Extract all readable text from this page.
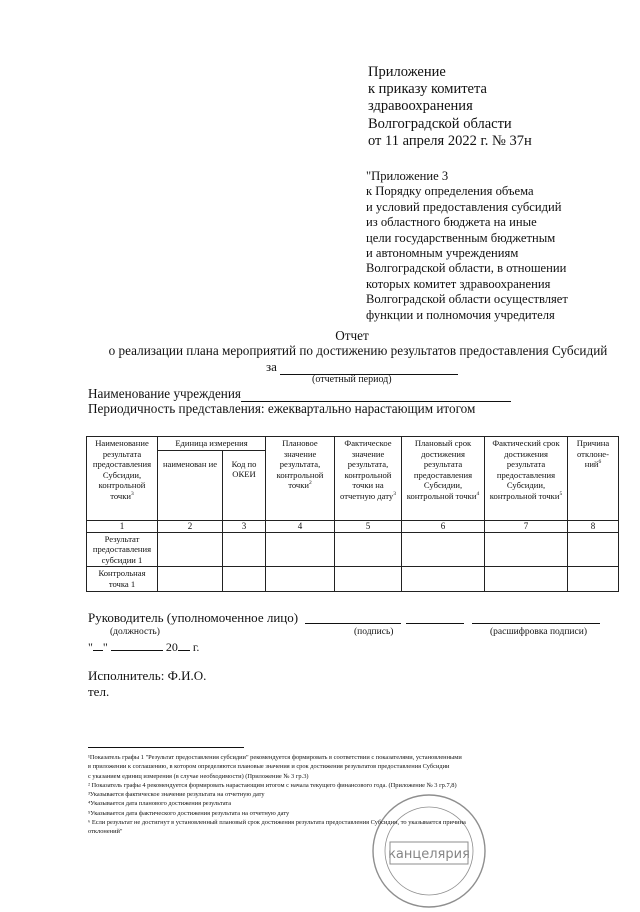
Приложение
к приказу комитета
здравоохранения
Волгоградской области
от 11 апреля 2022 г. № 37н
"Приложение 3
к Порядку определения объема
и условий предоставления субсидий
из областного бюджета на иные
цели государственным бюджетным
и автономным учреждениям
Волгоградской области, в отношении
которых комитет здравоохранения
Волгоградской области осуществляет
функции и полномочия учредителя
Отчет
о реализации плана мероприятий по достижению результатов предоставления Субсидий
за
(отчетный период)
Наименование учреждения
Периодичность представления: ежеквартально нарастающим итогом
Наименование результата предоставления Субсидии, контрольной точки$^3$	Единица измерения		Плановое значение результата, контрольной точки$^2$	Фактическое значение результата, контрольной точки на отчетную дату$^3$	Плановый срок достижения результата предоставления Субсидии, контрольной точки$^4$	Фактический срок достижения результата предоставления Субсидии, контрольной точки$^5$	Причина отклоне- ний$^6$
	наименован ие	Код по ОКЕИ					
1	2	3	4	5	6	7	8
Результат предоставления субсидии 1							
Контрольная точка 1							
Руководитель (уполномоченное лицо)
(должность)	(подпись)	(расшифровка подписи)
" "	20 г.
Исполнитель: Ф.И.О.
тел.
¹Показатель графы 1 "Результат предоставления субсидии" рекомендуется формировать в соответствии с показателями, установленными
в приложении к соглашению, в котором определяются плановые значения и срок достижения результатов предоставления Субсидии
с указанием единиц измерения (в случае необходимости) (Приложение № 3 гр.3)
² Показатель графы 4 рекомендуется формировать нарастающим итогом с начала текущего финансового года. (Приложение № 3 гр.7,8)
³Указывается фактическое значение результата на отчетную дату
⁴Указывается дата планового достижения результата
⁵Указывается дата фактического достижения результата на отчетную дату
⁶ Eсли результат не достигнут в установленный плановый срок достижения результата предоставления Субсидии, то указывается причина
отклонений"
канцелярия
